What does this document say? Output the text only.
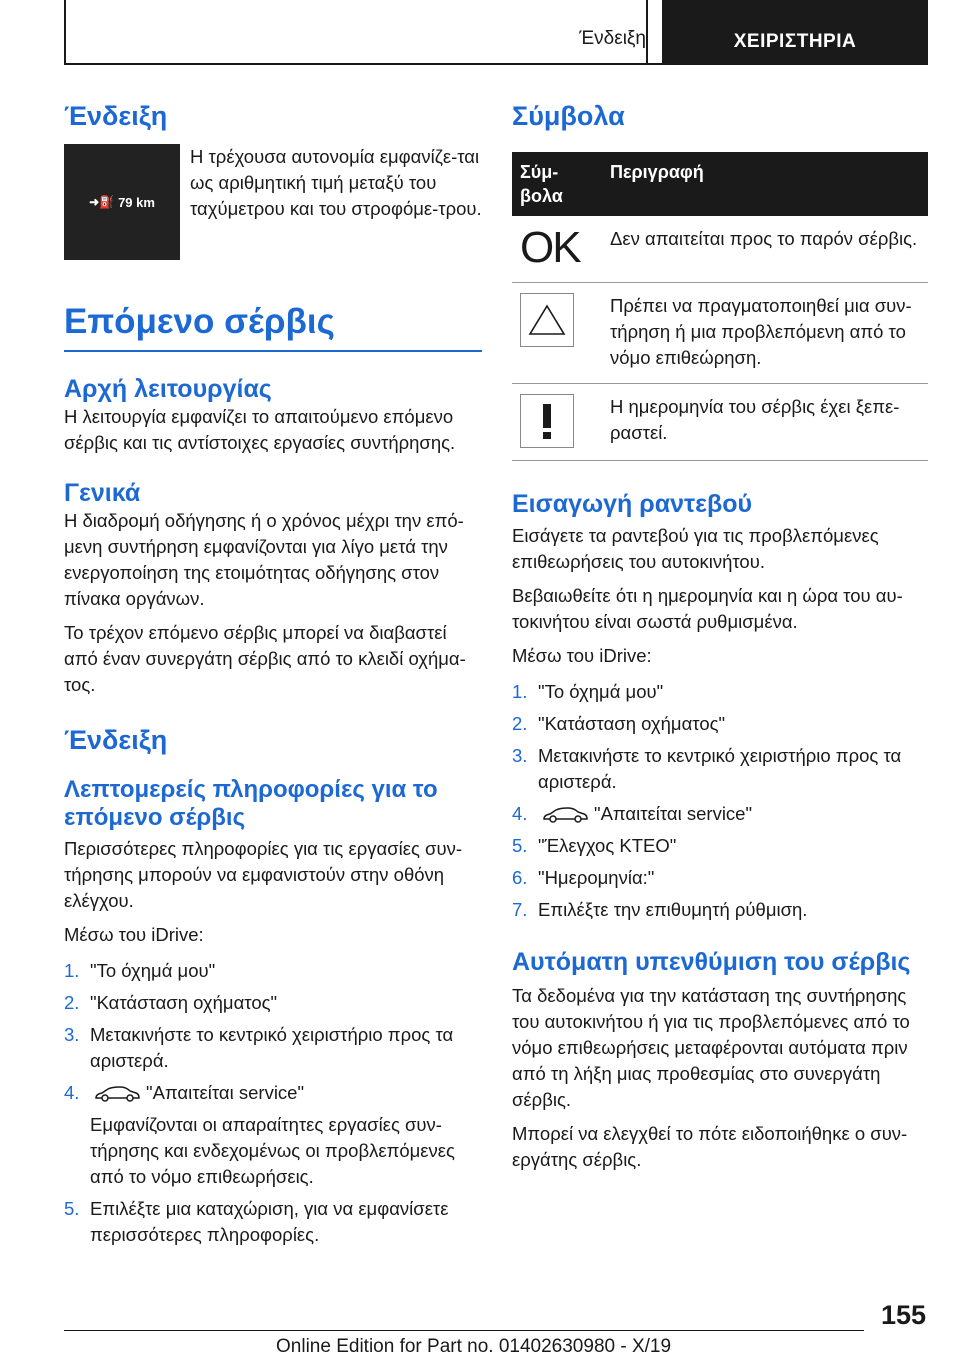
Ένδειξη	ΧΕΙΡΙΣΤΗΡΙΑ
Ένδειξη
➜⛽ 79 km

Η τρέχουσα αυτονομία εμφανίζε‐ται ως αριθμητική τιμή μεταξύ του ταχύμετρου και του στροφόμε‐τρου.

Επόμενο σέρβις
Αρχή λειτουργίας

Η λειτουργία εμφανίζει το απαιτούμενο επόμενο σέρβις και τις αντίστοιχες εργασίες συντήρησης.

Γενικά

Η διαδρομή οδήγησης ή ο χρόνος μέχρι την επό‐μενη συντήρηση εμφανίζονται για λίγο μετά την ενεργοποίηση της ετοιμότητας οδήγησης στον πίνακα οργάνων.

Το τρέχον επόμενο σέρβις μπορεί να διαβαστεί από έναν συνεργάτη σέρβις από το κλειδί οχήμα‐τος.

Ένδειξη
Λεπτομερείς πληροφορίες για το επόμενο σέρβις

Περισσότερες πληροφορίες για τις εργασίες συν‐τήρησης μπορούν να εμφανιστούν στην οθόνη ελέγχου.

Μέσω του iDrive:

1. "Το όχημά μου"
2. "Κατάσταση οχήματος"
3. Μετακινήστε το κεντρικό χειριστήριο προς τα αριστερά.
4.	"Απαιτείται service"
Εμφανίζονται οι απαραίτητες εργασίες συν‐τήρησης και ενδεχομένως οι προβλεπόμενες από το νόμο επιθεωρήσεις.
5. Επιλέξτε μια καταχώριση, για να εμφανίσετε περισσότερες πληροφορίες.
Σύμβολα
Σύμ‐ βολα	Περιγραφή
OK	Δεν απαιτείται προς το παρόν σέρβις.

	Πρέπει να πραγματοποιηθεί μια συν‐τήρηση ή μια προβλεπόμενη από το νόμο επιθεώρηση.

	Η ημερομηνία του σέρβις έχει ξεπε‐ραστεί.
Εισαγωγή ραντεβού

Εισάγετε τα ραντεβού για τις προβλεπόμενες επιθεωρήσεις του αυτοκινήτου.

Βεβαιωθείτε ότι η ημερομηνία και η ώρα του αυ‐τοκινήτου είναι σωστά ρυθμισμένα.

Μέσω του iDrive:

1. "Το όχημά μου"
2. "Κατάσταση οχήματος"
3. Μετακινήστε το κεντρικό χειριστήριο προς τα αριστερά.
4.	"Απαιτείται service"
5. "Έλεγχος ΚΤΕΟ"
6. "Ημερομηνία:"
7. Επιλέξτε την επιθυμητή ρύθμιση.
Αυτόματη υπενθύμιση του σέρβις

Τα δεδομένα για την κατάσταση της συντήρησης του αυτοκινήτου ή για τις προβλεπόμενες από το νόμο επιθεωρήσεις μεταφέρονται αυτόματα πριν από τη λήξη μιας προθεσμίας στο συνεργάτη σέρβις.

Μπορεί να ελεγχθεί το πότε ειδοποιήθηκε ο συν‐εργάτης σέρβις.

155
Online Edition for Part no. 01402630980 - X/19
